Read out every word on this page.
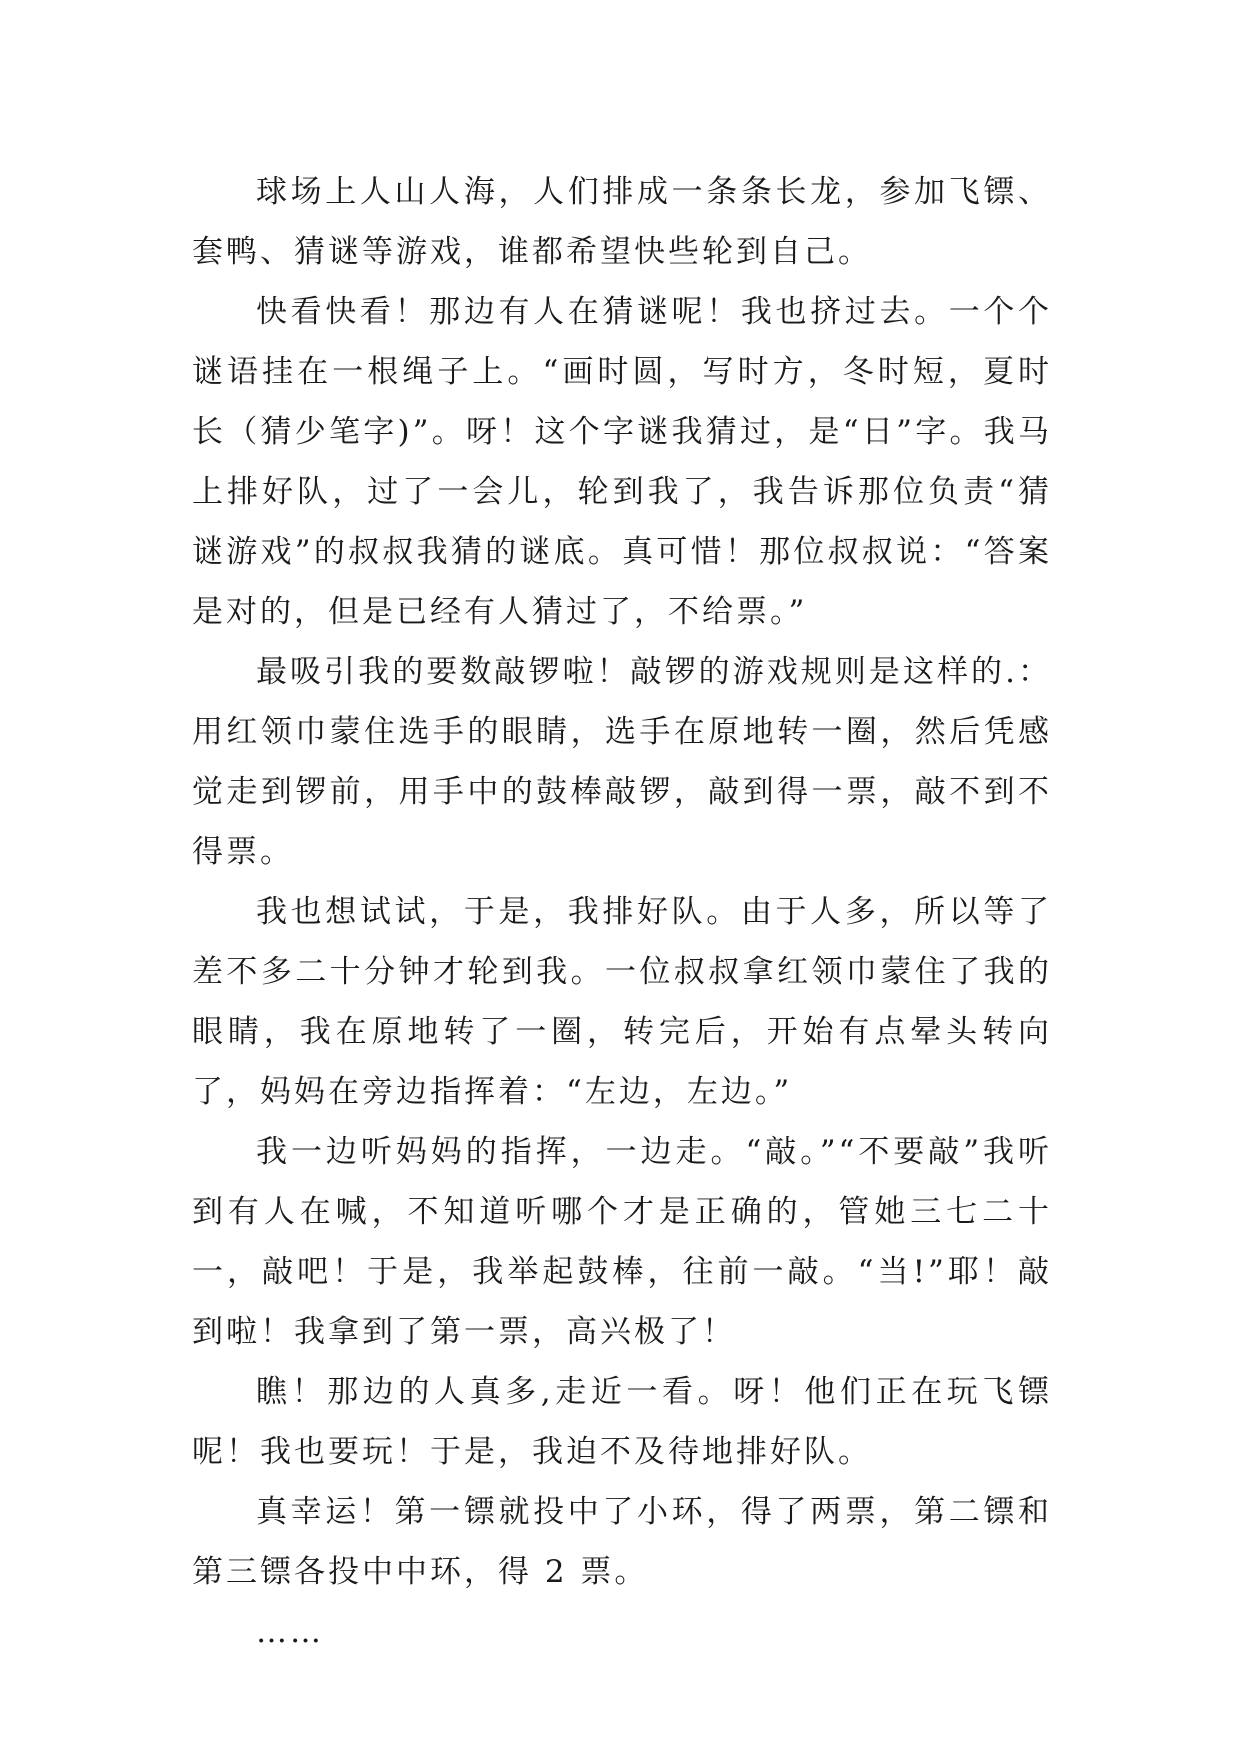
球场上人山人海，人们排成一条条长龙，参加飞镖、套鸭、猜谜等游戏，谁都希望快些轮到自己。

快看快看！那边有人在猜谜呢！我也挤过去。一个个谜语挂在一根绳子上。“画时圆，写时方，冬时短，夏时长（猜少笔字)”。呀！这个字谜我猜过，是“日”字。我马上排好队，过了一会儿，轮到我了，我告诉那位负责“猜谜游戏”的叔叔我猜的谜底。真可惜！那位叔叔说：“答案是对的，但是已经有人猜过了，不给票。”

最吸引我的要数敲锣啦！敲锣的游戏规则是这样的.：用红领巾蒙住选手的眼睛，选手在原地转一圈，然后凭感觉走到锣前，用手中的鼓棒敲锣，敲到得一票，敲不到不得票。

我也想试试，于是，我排好队。由于人多，所以等了差不多二十分钟才轮到我。一位叔叔拿红领巾蒙住了我的眼睛，我在原地转了一圈，转完后，开始有点晕头转向了，妈妈在旁边指挥着：“左边，左边。”

我一边听妈妈的指挥，一边走。“敲。”“不要敲”我听到有人在喊，不知道听哪个才是正确的，管她三七二十一，敲吧！于是，我举起鼓棒，往前一敲。“当!”耶！敲到啦！我拿到了第一票，高兴极了！

瞧！那边的人真多,走近一看。呀！他们正在玩飞镖呢！我也要玩！于是，我迫不及待地排好队。

真幸运！第一镖就投中了小环，得了两票，第二镖和第三镖各投中中环，得 2 票。

……
